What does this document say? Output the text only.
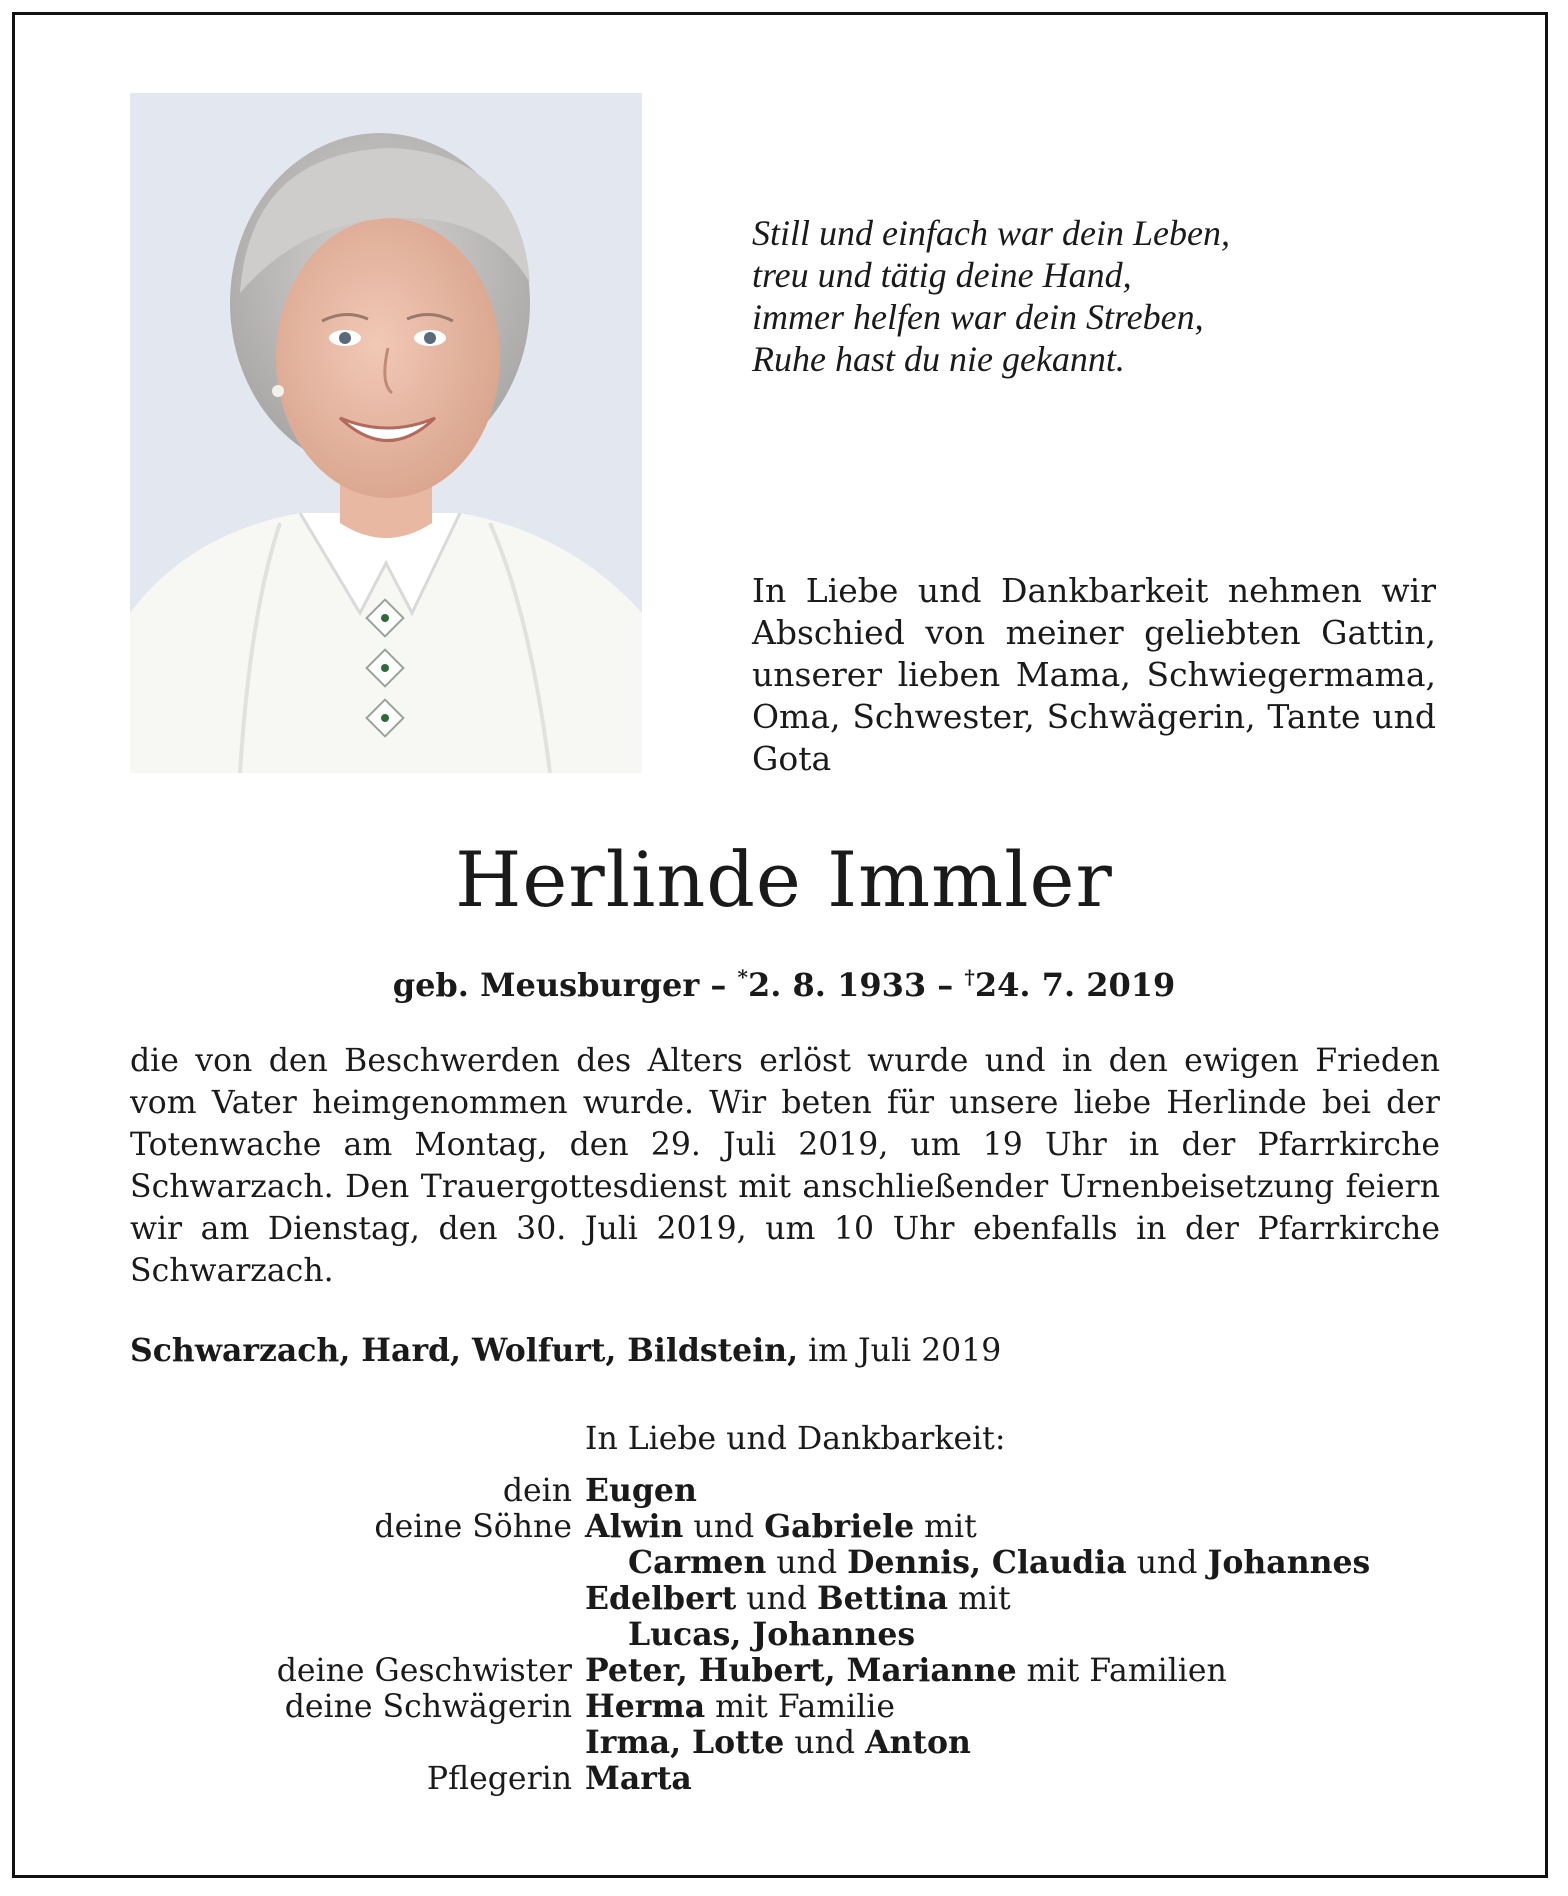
Still und einfach war dein Leben,
treu und tätig deine Hand,
immer helfen war dein Streben,
Ruhe hast du nie gekannt.
In Liebe und Dankbarkeit nehmen wir Abschied von meiner geliebten Gattin, unserer lieben Mama, Schwiegermama, Oma, Schwester, Schwägerin, Tante und Gota
Herlinde Immler
geb. Meusburger – *2. 8. 1933 – †24. 7. 2019
die von den Beschwerden des Alters erlöst wurde und in den ewigen Frieden vom Vater heimgenommen wurde. Wir beten für unsere liebe Herlinde bei der Totenwache am Montag, den 29. Juli 2019, um 19 Uhr in der Pfarrkirche Schwarzach. Den Trauergottesdienst mit anschließender Urnenbeisetzung feiern wir am Dienstag, den 30. Juli 2019, um 10 Uhr ebenfalls in der Pfarrkirche Schwarzach.
Schwarzach, Hard, Wolfurt, Bildstein, im Juli 2019
In Liebe und Dankbarkeit:
dein Eugen
deine Söhne Alwin und Gabriele mit
Carmen und Dennis, Claudia und Johannes
Edelbert und Bettina mit
Lucas, Johannes
deine Geschwister Peter, Hubert, Marianne mit Familien
deine Schwägerin Herma mit Familie
Irma, Lotte und Anton
Pflegerin Marta
